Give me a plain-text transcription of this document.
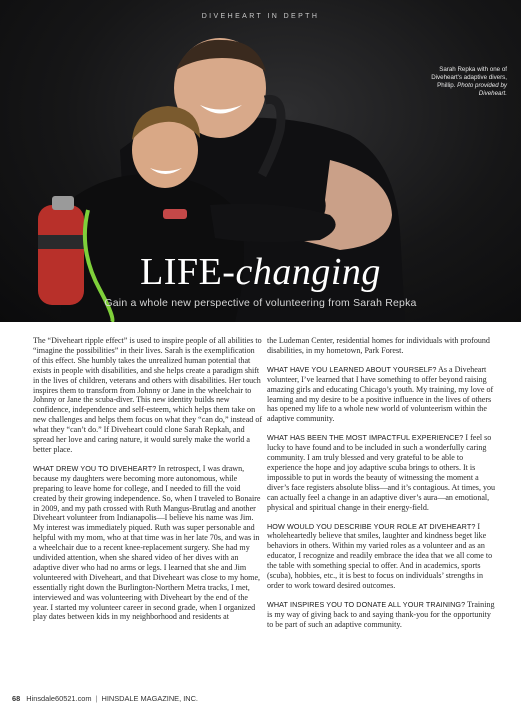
DIVEHEART IN DEPTH
Sarah Repka with one of Diveheart's adaptive divers, Phillip. Photo provided by Diveheart.
LIFE-changing
Gain a whole new perspective of volunteering from Sarah Repka

The “Diveheart ripple effect” is used to inspire people of all abilities to “imagine the possibilities” in their lives. Sarah is the exemplification of this effect. She humbly takes the unrealized human potential that exists in people with disabilities, and she helps create a paradigm shift in the lives of children, veterans and others with disabilities. Her touch inspires them to transform from Johnny or Jane in the wheelchair to Johnny or Jane the scuba-diver. This new identity builds new confidence, independence and self-esteem, which helps them take on new challenges and helps them focus on what they “can do,” instead of what they “can’t do.” If Diveheart could clone Sarah Repkah, and spread her love and caring nature, it would surely make the world a better place.

WHAT DREW YOU TO DIVEHEART? In retrospect, I was drawn, because my daughters were becoming more autonomous, while preparing to leave home for college, and I needed to fill the void created by their growing independence. So, when I traveled to Bonaire in 2009, and my path crossed with Ruth Mangus-Brutlag and another Diveheart volunteer from Indianapolis—I believe his name was Jim. My interest was immediately piqued. Ruth was super personable and helpful with my mom, who at that time was in her late 70s, and was in a wheelchair due to a recent knee-replacement surgery. She had my undivided attention, when she shared video of her dives with an adaptive diver who had no arms or legs. I learned that she and Jim volunteered with Diveheart, and that Diveheart was close to my home, essentially right down the Burlington-Northern Metra tracks, I met, interviewed and was volunteering with Diveheart by the end of the year. I started my volunteer career in second grade, when I organized play dates between kids in my neighborhood and residents at

the Ludeman Center, residential homes for individuals with profound disabilities, in my hometown, Park Forest.

WHAT HAVE YOU LEARNED ABOUT YOURSELF? As a Diveheart volunteer, I’ve learned that I have something to offer beyond raising amazing girls and educating Chicago’s youth. My training, my love of learning and my desire to be a positive influence in the lives of others has opened my life to a whole new world of volunteerism within the adaptive community.

WHAT HAS BEEN THE MOST IMPACTFUL EXPERIENCE? I feel so lucky to have found and to be included in such a wonderfully caring community. I am truly blessed and very grateful to be able to experience the hope and joy adaptive scuba brings to others. It is impossible to put in words the beauty of witnessing the moment a diver’s face registers absolute bliss—and it’s contagious. At times, you can actually feel a change in an adaptive diver’s aura—an emotional, physical and spiritual change in their energy-field.

HOW WOULD YOU DESCRIBE YOUR ROLE AT DIVEHEART? I wholeheartedly believe that smiles, laughter and kindness beget like behaviors in others. Within my varied roles as a volunteer and as an educator, I recognize and readily embrace the idea that we all come to the table with something special to offer. And in academics, sports (scuba), hobbies, etc., it is best to focus on individuals’ strengths in order to work toward desired outcomes.

WHAT INSPIRES YOU TO DONATE ALL YOUR TRAINING? Training is my way of giving back to and saying thank-you for the opportunity to be part of such an adaptive community.

68 Hinsdale60521.com | HINSDALE MAGAZINE, INC.
